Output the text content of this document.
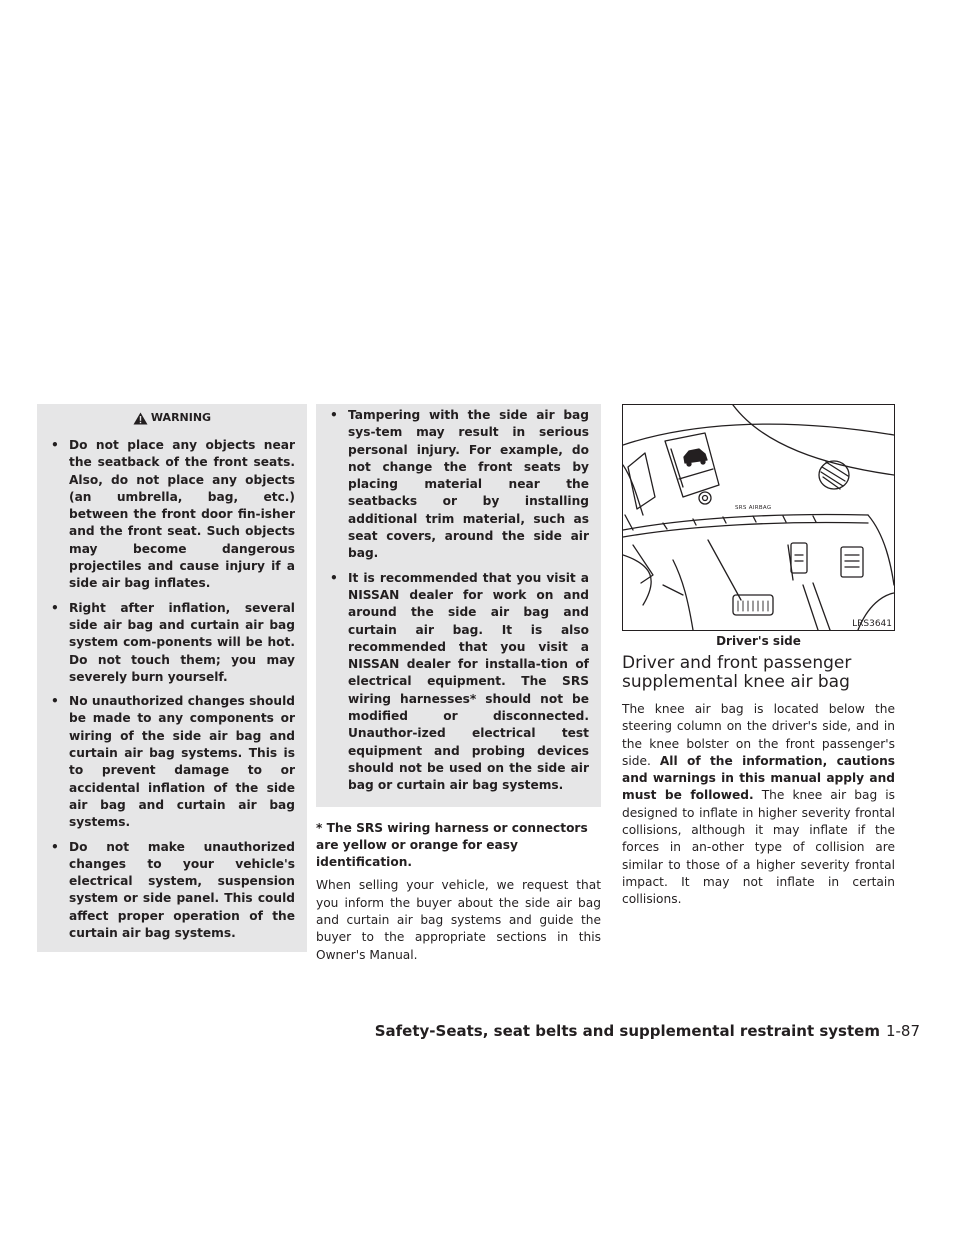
WARNING
• Do not place any objects near the seatback of the front seats. Also, do not place any objects (an umbrella, bag, etc.) between the front door fin-isher and the front seat. Such objects may become dangerous projectiles and cause injury if a side air bag inflates.
• Right after inflation, several side air bag and curtain air bag system com-ponents will be hot. Do not touch them; you may severely burn yourself.
• No unauthorized changes should be made to any components or wiring of the side air bag and curtain air bag systems. This is to prevent damage to or accidental inflation of the side air bag and curtain air bag systems.
• Do not make unauthorized changes to your vehicle's electrical system, suspension system or side panel. This could affect proper operation of the curtain air bag systems.
• Tampering with the side air bag sys-tem may result in serious personal injury. For example, do not change the front seats by placing material near the seatbacks or by installing additional trim material, such as seat covers, around the side air bag.
• It is recommended that you visit a NISSAN dealer for work on and around the side air bag and curtain air bag. It is also recommended that you visit a NISSAN dealer for installa-tion of electrical equipment. The SRS wiring harnesses* should not be modified or disconnected. Unauthor-ized electrical test equipment and probing devices should not be used on the side air bag or curtain air bag systems.

* The SRS wiring harness or connectors are yellow or orange for easy identification.

When selling your vehicle, we request that you inform the buyer about the side air bag and curtain air bag systems and guide the buyer to the appropriate sections in this Owner's Manual.

SRS AIRBAG
LRS3641
Driver's side
Driver and front passenger
supplemental knee air bag

The knee air bag is located below the steering column on the driver's side, and in the knee bolster on the front passenger's side. All of the information, cautions and warnings in this manual apply and must be followed. The knee air bag is designed to inflate in higher severity frontal collisions, although it may inflate if the forces in an-other type of collision are similar to those of a higher severity frontal impact. It may not inflate in certain collisions.

Safety-Seats, seat belts and supplemental restraint system 1-87
